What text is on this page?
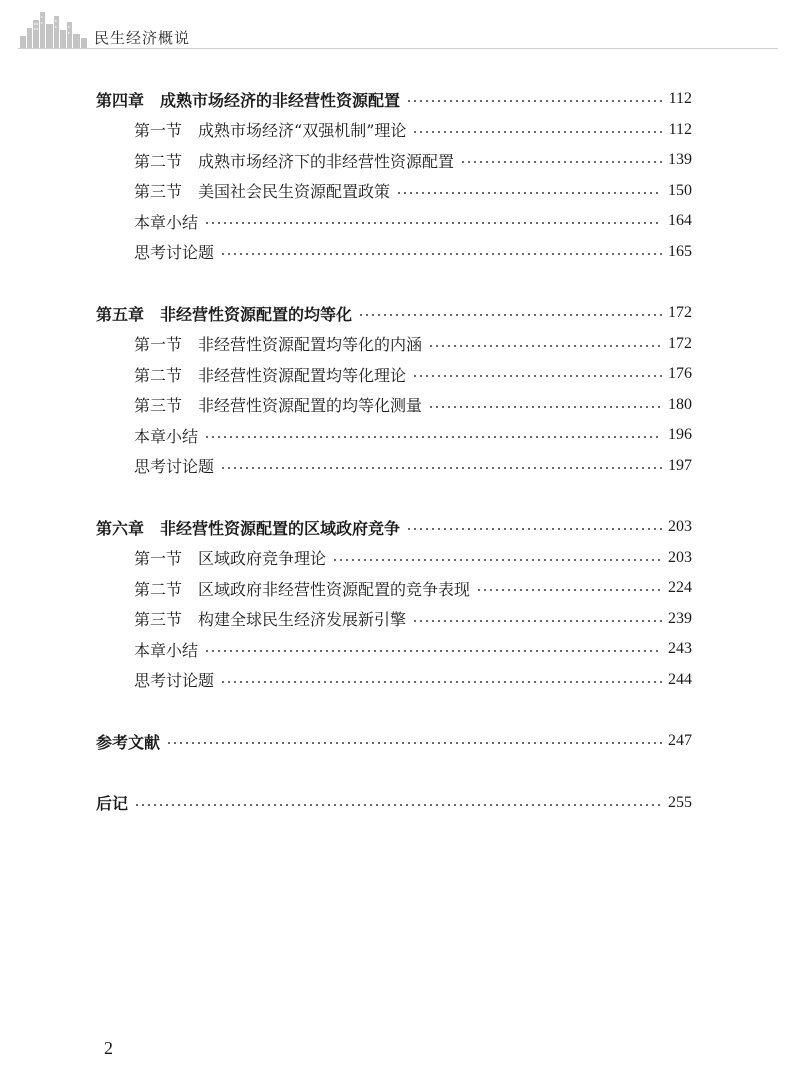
民生经济概说
第四章 成熟市场经济的非经营性资源配置	112
第一节 成熟市场经济“双强机制”理论	112
第二节 成熟市场经济下的非经营性资源配置	139
第三节 美国社会民生资源配置政策	150
本章小结	164
思考讨论题	165
第五章 非经营性资源配置的均等化	172
第一节 非经营性资源配置均等化的内涵	172
第二节 非经营性资源配置均等化理论	176
第三节 非经营性资源配置的均等化测量	180
本章小结	196
思考讨论题	197
第六章 非经营性资源配置的区域政府竞争	203
第一节 区域政府竞争理论	203
第二节 区域政府非经营性资源配置的竞争表现	224
第三节 构建全球民生经济发展新引擎	239
本章小结	243
思考讨论题	244
参考文献	247
后记	255
2
